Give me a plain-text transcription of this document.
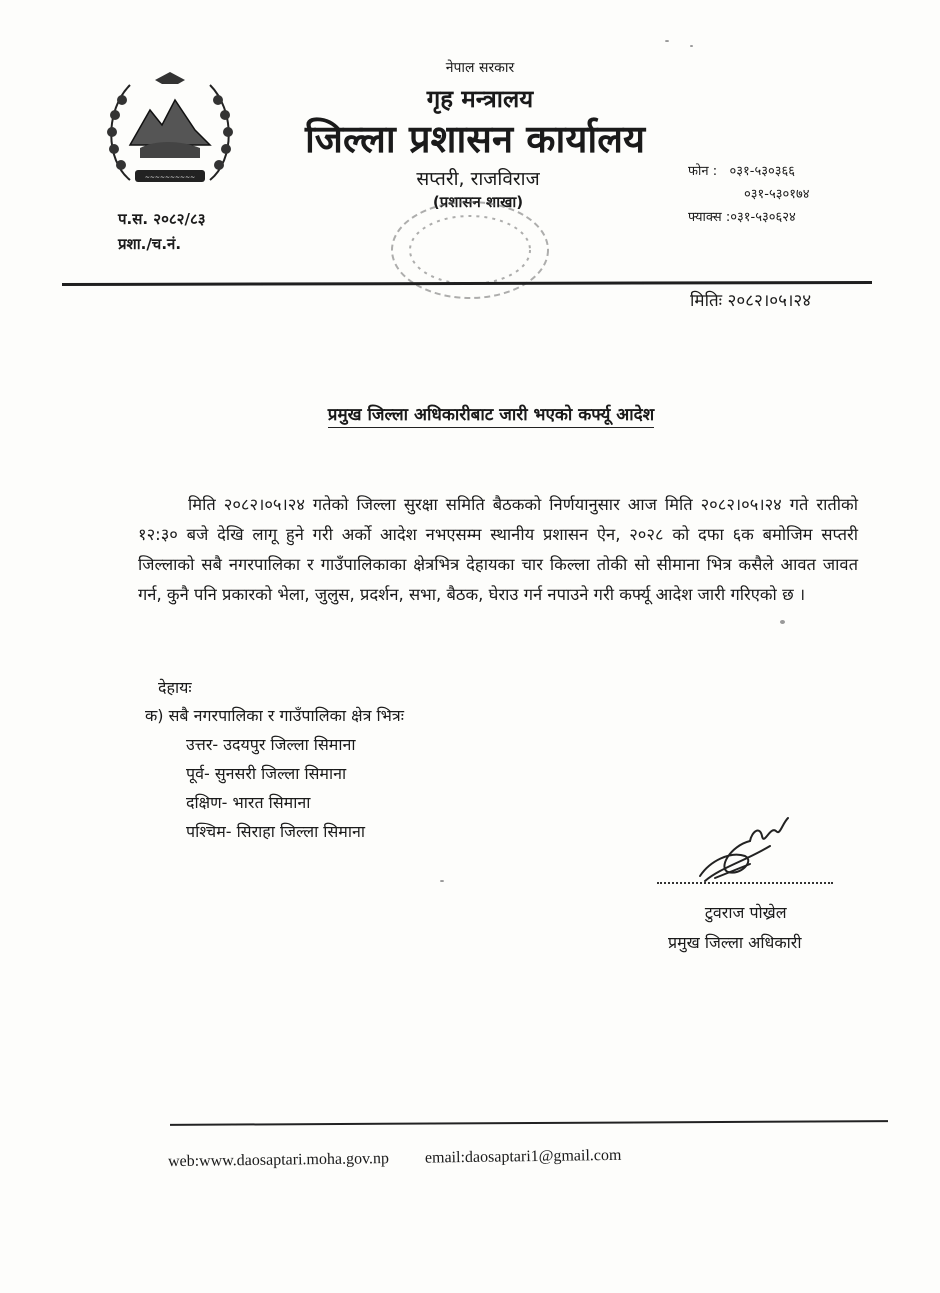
~~~~~~~~~~
नेपाल सरकार
गृह मन्त्रालय
जिल्ला प्रशासन कार्यालय
सप्तरी, राजविराज
(प्रशासन शाखा)
फोन : ०३१-५३०३६६
०३१-५३०१७४
फ्याक्स :०३१-५३०६२४
प.स. २०८२/८३
प्रशा./च.नं.
मितिः २०८२।०५।२४
प्रमुख जिल्ला अधिकारीबाट जारी भएको कर्फ्यू आदेश
मिति २०८२।०५।२४ गतेको जिल्ला सुरक्षा समिति बैठकको निर्णयानुसार आज मिति २०८२।०५।२४ गते रातीको १२:३० बजे देखि लागू हुने गरी अर्को आदेश नभएसम्म स्थानीय प्रशासन ऐन, २०२८ को दफा ६क बमोजिम सप्तरी जिल्लाको सबै नगरपालिका र गाउँपालिकाका क्षेत्रभित्र देहायका चार किल्ला तोकी सो सीमाना भित्र कसैले आवत जावत गर्न, कुनै पनि प्रकारको भेला, जुलुस, प्रदर्शन, सभा, बैठक, घेराउ गर्न नपाउने गरी कर्फ्यू आदेश जारी गरिएको छ ।
देहायः
क) सबै नगरपालिका र गाउँपालिका क्षेत्र भित्रः
उत्तर- उदयपुर जिल्ला सिमाना
पूर्व- सुनसरी जिल्ला सिमाना
दक्षिण- भारत सिमाना
पश्चिम- सिराहा जिल्ला सिमाना
टुवराज पोख्रेल
प्रमुख जिल्ला अधिकारी
web:www.daosaptari.moha.gov.np email:daosaptari1@gmail.com
